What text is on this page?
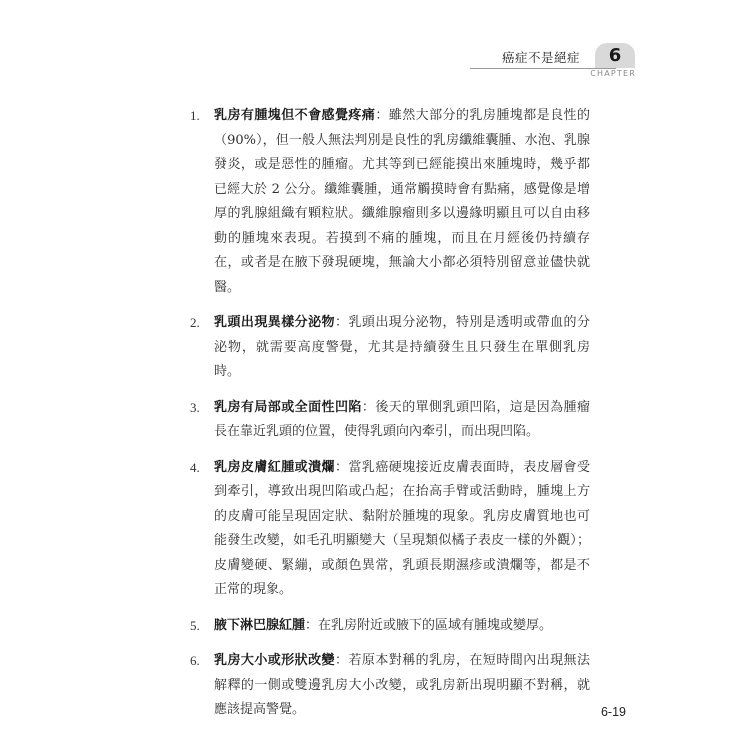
癌症不是絕症	6
CHAPTER
1. 乳房有腫塊但不會感覺疼痛：雖然大部分的乳房腫塊都是良性的（90%），但一般人無法判別是良性的乳房纖維囊腫、水泡、乳腺發炎，或是惡性的腫瘤。尤其等到已經能摸出來腫塊時，幾乎都已經大於 2 公分。纖維囊腫，通常觸摸時會有點痛，感覺像是增厚的乳腺組織有顆粒狀。纖維腺瘤則多以邊緣明顯且可以自由移動的腫塊來表現。若摸到不痛的腫塊，而且在月經後仍持續存在，或者是在腋下發現硬塊，無論大小都必須特別留意並儘快就醫。
2. 乳頭出現異樣分泌物：乳頭出現分泌物，特別是透明或帶血的分泌物，就需要高度警覺，尤其是持續發生且只發生在單側乳房時。
3. 乳房有局部或全面性凹陷：後天的單側乳頭凹陷，這是因為腫瘤長在靠近乳頭的位置，使得乳頭向內牽引，而出現凹陷。
4. 乳房皮膚紅腫或潰爛：當乳癌硬塊接近皮膚表面時，表皮層會受到牽引，導致出現凹陷或凸起；在抬高手臂或活動時，腫塊上方的皮膚可能呈現固定狀、黏附於腫塊的現象。乳房皮膚質地也可能發生改變，如毛孔明顯變大（呈現類似橘子表皮一樣的外觀）；皮膚變硬、緊繃，或顏色異常，乳頭長期濕疹或潰爛等，都是不正常的現象。
5. 腋下淋巴腺紅腫：在乳房附近或腋下的區域有腫塊或變厚。
6. 乳房大小或形狀改變：若原本對稱的乳房，在短時間內出現無法解釋的一側或雙邊乳房大小改變，或乳房新出現明顯不對稱，就應該提高警覺。	6-19
